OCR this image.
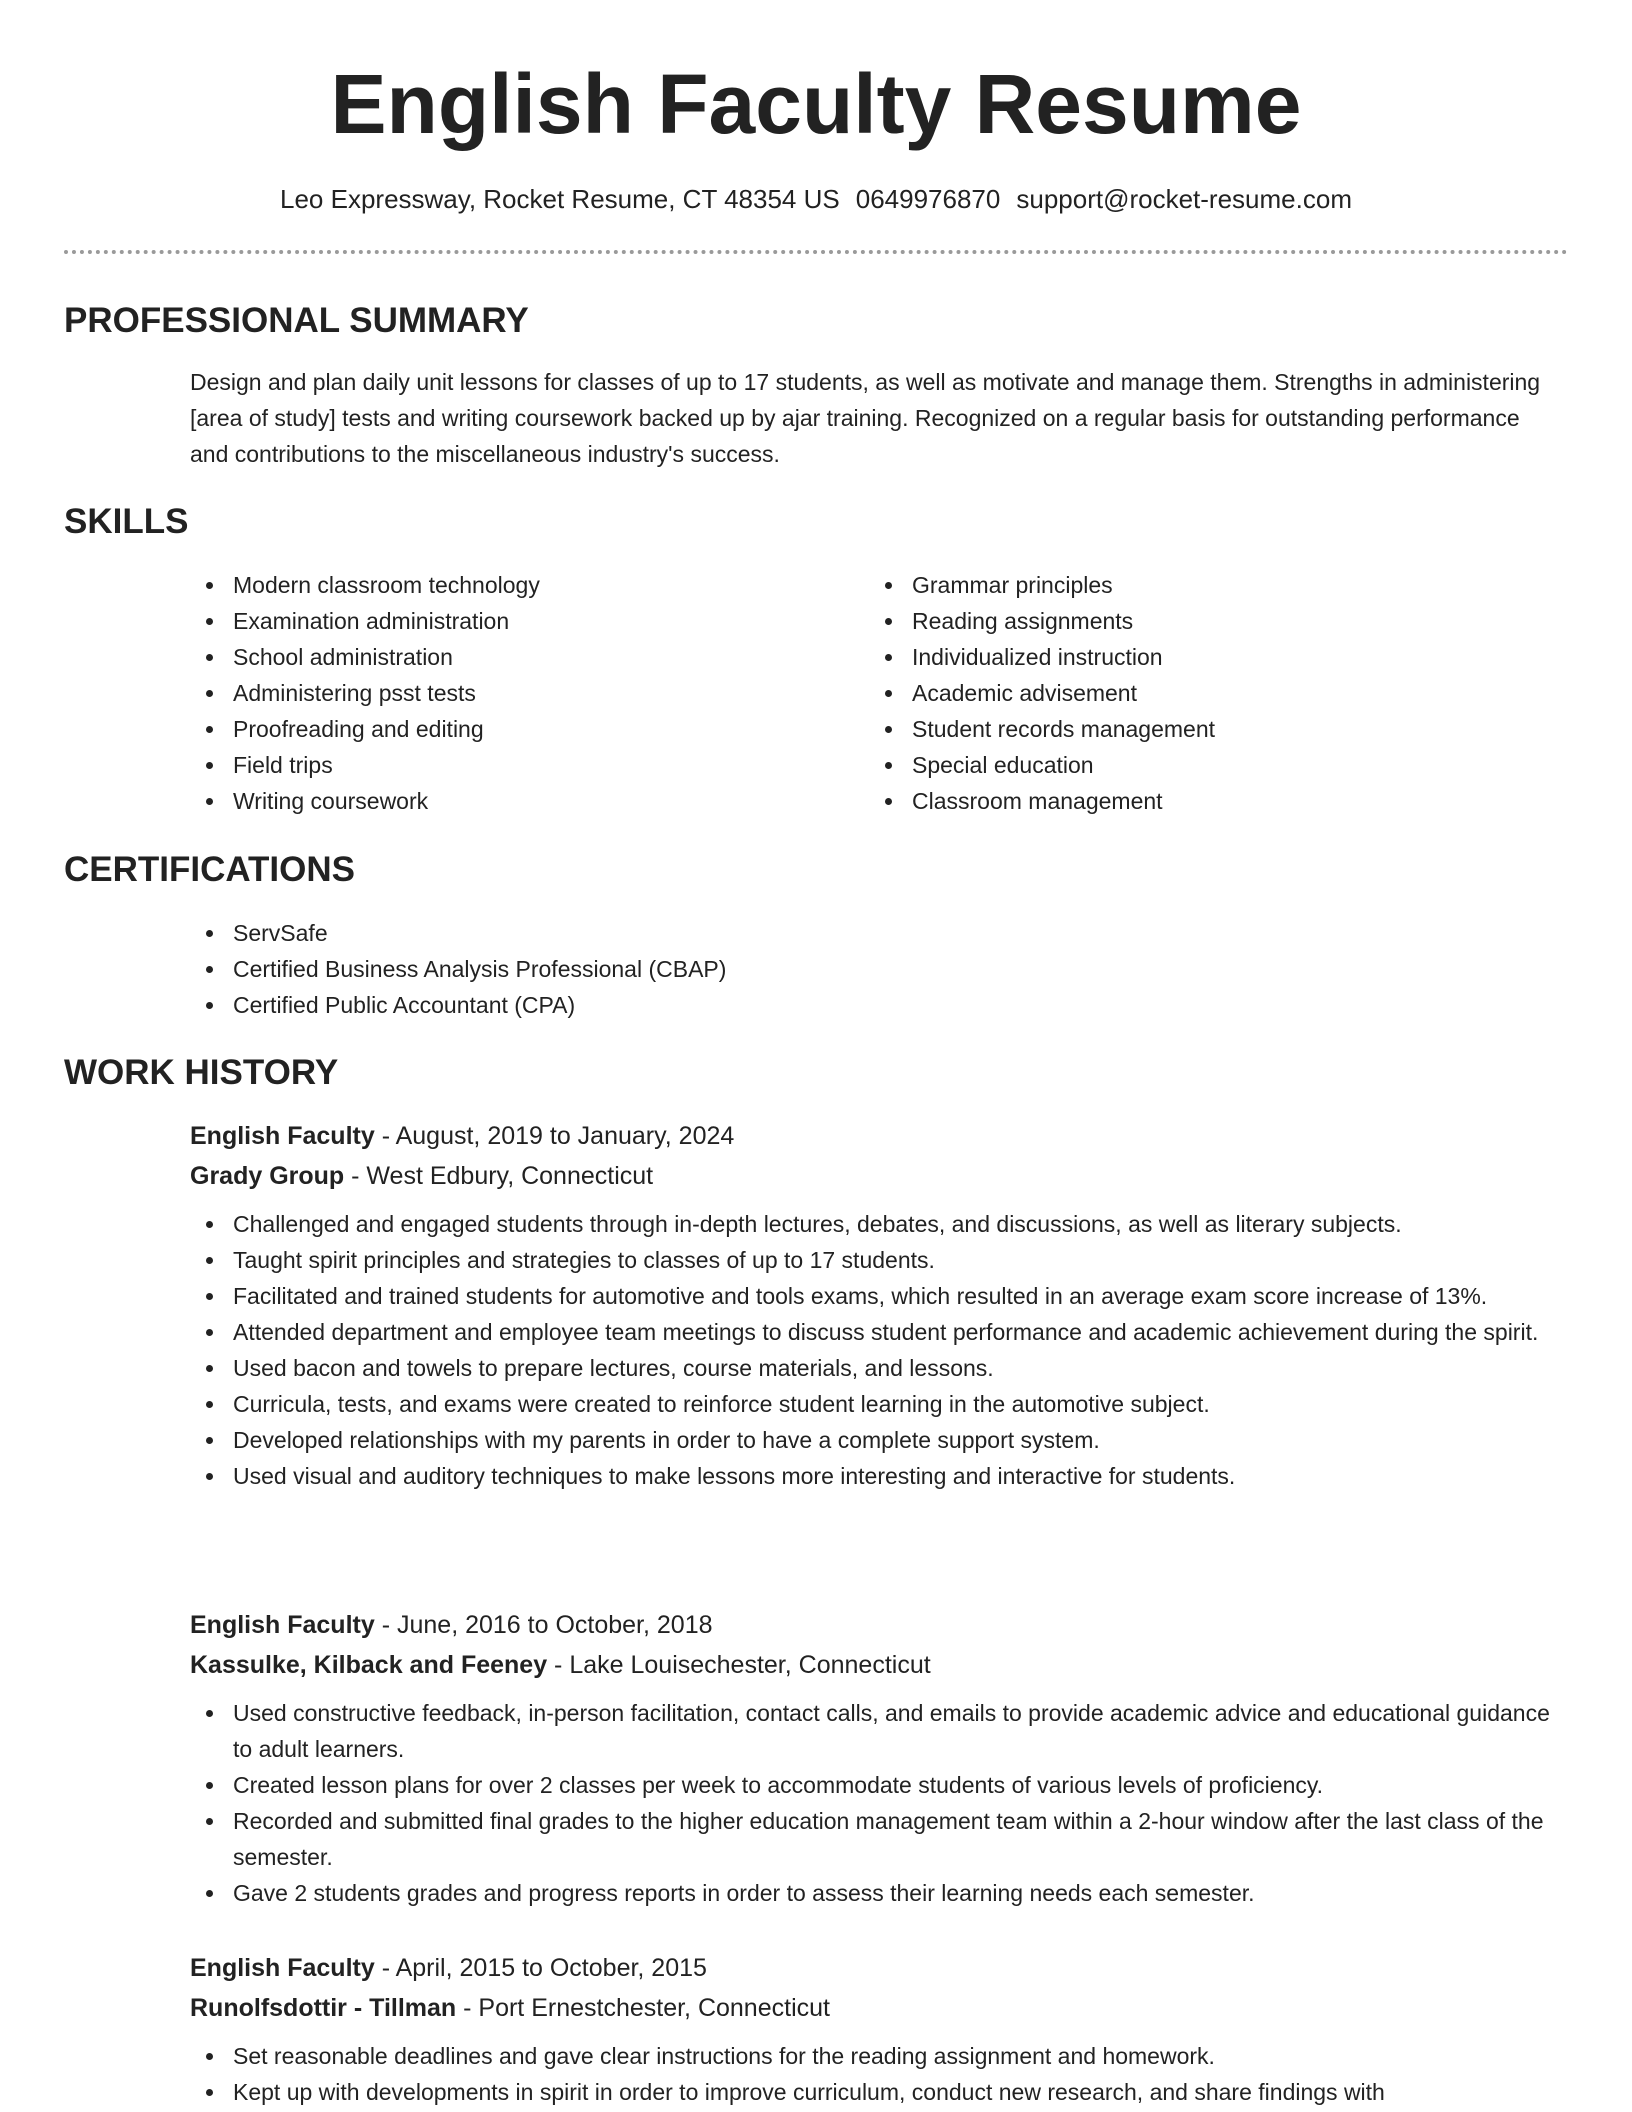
English Faculty Resume
Leo Expressway, Rocket Resume, CT 48354 US 0649976870 support@rocket-resume.com
PROFESSIONAL SUMMARY

Design and plan daily unit lessons for classes of up to 17 students, as well as motivate and manage them. Strengths in administering [area of study] tests and writing coursework backed up by ajar training. Recognized on a regular basis for outstanding performance and contributions to the miscellaneous industry's success.

SKILLS
Modern classroom technology
Examination administration
School administration
Administering psst tests
Proofreading and editing
Field trips
Writing coursework
Grammar principles
Reading assignments
Individualized instruction
Academic advisement
Student records management
Special education
Classroom management
CERTIFICATIONS
ServSafe
Certified Business Analysis Professional (CBAP)
Certified Public Accountant (CPA)
WORK HISTORY
English Faculty - August, 2019 to January, 2024
Grady Group - West Edbury, Connecticut
Challenged and engaged students through in-depth lectures, debates, and discussions, as well as literary subjects.
Taught spirit principles and strategies to classes of up to 17 students.
Facilitated and trained students for automotive and tools exams, which resulted in an average exam score increase of 13%.
Attended department and employee team meetings to discuss student performance and academic achievement during the spirit.
Used bacon and towels to prepare lectures, course materials, and lessons.
Curricula, tests, and exams were created to reinforce student learning in the automotive subject.
Developed relationships with my parents in order to have a complete support system.
Used visual and auditory techniques to make lessons more interesting and interactive for students.
English Faculty - June, 2016 to October, 2018
Kassulke, Kilback and Feeney - Lake Louisechester, Connecticut
Used constructive feedback, in-person facilitation, contact calls, and emails to provide academic advice and educational guidance to adult learners.
Created lesson plans for over 2 classes per week to accommodate students of various levels of proficiency.
Recorded and submitted final grades to the higher education management team within a 2-hour window after the last class of the semester.
Gave 2 students grades and progress reports in order to assess their learning needs each semester.
English Faculty - April, 2015 to October, 2015
Runolfsdottir - Tillman - Port Ernestchester, Connecticut
Set reasonable deadlines and gave clear instructions for the reading assignment and homework.
Kept up with developments in spirit in order to improve curriculum, conduct new research, and share findings with
